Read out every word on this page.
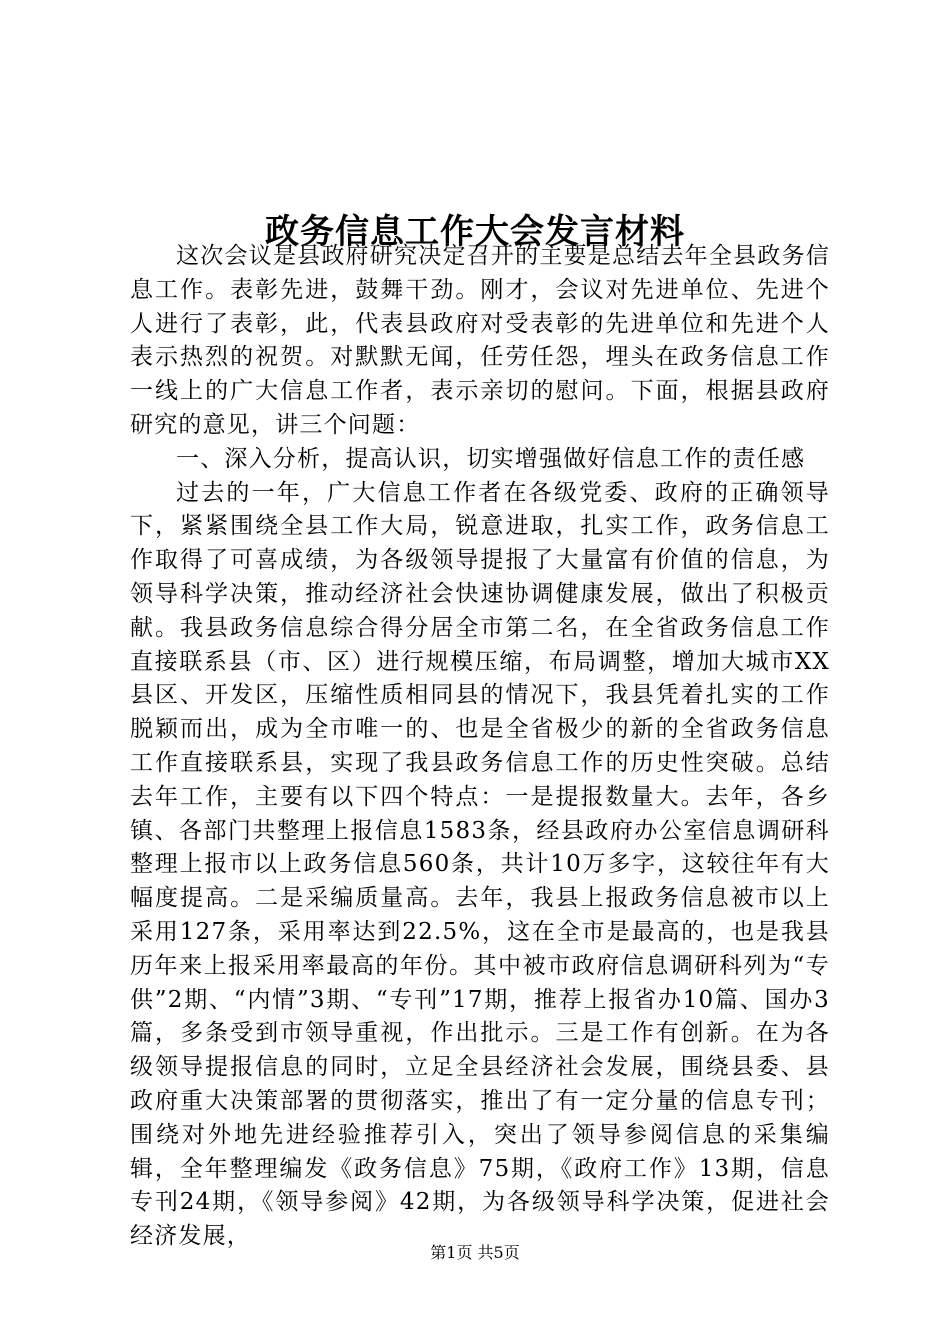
政务信息工作大会发言材料

这次会议是县政府研究决定召开的主要是总结去年全县政务信息工作。表彰先进，鼓舞干劲。刚才，会议对先进单位、先进个人进行了表彰，此，代表县政府对受表彰的先进单位和先进个人表示热烈的祝贺。对默默无闻，任劳任怨，埋头在政务信息工作一线上的广大信息工作者，表示亲切的慰问。下面，根据县政府研究的意见，讲三个问题：

一、深入分析，提高认识，切实增强做好信息工作的责任感

过去的一年，广大信息工作者在各级党委、政府的正确领导下，紧紧围绕全县工作大局，锐意进取，扎实工作，政务信息工作取得了可喜成绩，为各级领导提报了大量富有价值的信息，为领导科学决策，推动经济社会快速协调健康发展，做出了积极贡献。我县政务信息综合得分居全市第二名，在全省政务信息工作直接联系县（市、区）进行规模压缩，布局调整，增加大城市XX县区、开发区，压缩性质相同县的情况下，我县凭着扎实的工作脱颖而出，成为全市唯一的、也是全省极少的新的全省政务信息工作直接联系县，实现了我县政务信息工作的历史性突破。总结去年工作，主要有以下四个特点：一是提报数量大。去年，各乡镇、各部门共整理上报信息1583条，经县政府办公室信息调研科整理上报市以上政务信息560条，共计10万多字，这较往年有大幅度提高。二是采编质量高。去年，我县上报政务信息被市以上采用127条，采用率达到22.5%，这在全市是最高的，也是我县历年来上报采用率最高的年份。其中被市政府信息调研科列为“专供”2期、“内情”3期、“专刊”17期，推荐上报省办10篇、国办3篇，多条受到市领导重视，作出批示。三是工作有创新。在为各级领导提报信息的同时，立足全县经济社会发展，围绕县委、县政府重大决策部署的贯彻落实，推出了有一定分量的信息专刊；围绕对外地先进经验推荐引入，突出了领导参阅信息的采集编辑，全年整理编发《政务信息》75期，《政府工作》13期，信息专刊24期，《领导参阅》42期，为各级领导科学决策，促进社会经济发展，

第1页 共5页
